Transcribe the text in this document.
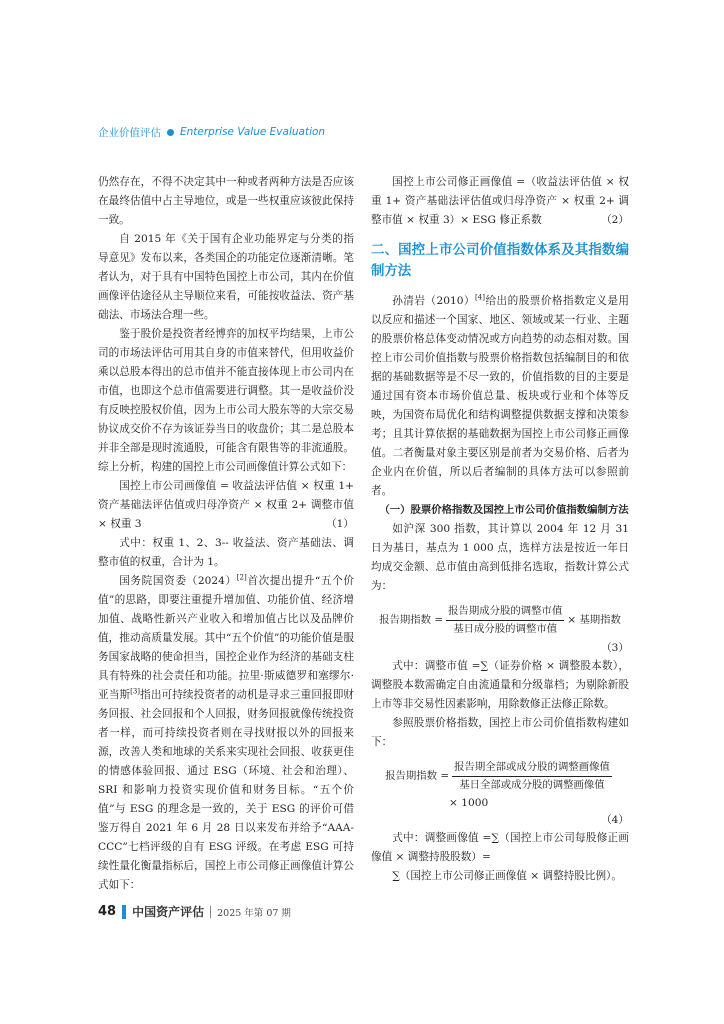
企业价值评估 Enterprise Value Evaluation

仍然存在，不得不决定其中一种或者两种方法是否应该在最终估值中占主导地位，或是一些权重应该彼此保持一致。

自 2015 年《关于国有企业功能界定与分类的指导意见》发布以来，各类国企的功能定位逐渐清晰。笔者认为，对于具有中国特色国控上市公司，其内在价值画像评估途径从主导顺位来看，可能按收益法、资产基础法、市场法合理一些。

鉴于股价是投资者经博弈的加权平均结果，上市公司的市场法评估可用其自身的市值来替代，但用收益价乘以总股本得出的总市值并不能直接体现上市公司内在市值，也即这个总市值需要进行调整。其一是收益价没有反映控股权价值，因为上市公司大股东等的大宗交易协议成交价不存为该证券当日的收盘价；其二是总股本并非全部是现时流通股，可能含有限售等的非流通股。综上分析，构建的国控上市公司画像值计算公式如下：

国控上市公司画像值 = 收益法评估值 × 权重 1+ 资产基础法评估值或归母净资产 × 权重 2+ 调整市值 × 权重 3	（1）

式中：权重 1、2、3-- 收益法、资产基础法、调整市值的权重，合计为 1。

国务院国资委（2024）[2]首次提出提升“五个价值”的思路，即要注重提升增加值、功能价值、经济增加值、战略性新兴产业收入和增加值占比以及品牌价值，推动高质量发展。其中“五个价值”的功能价值是服务国家战略的使命担当，国控企业作为经济的基础支柱具有特殊的社会责任和功能。拉里·斯威德罗和塞缪尔·亚当斯[3]指出可持续投资者的动机是寻求三重回报即财务回报、社会回报和个人回报，财务回报就像传统投资者一样，而可持续投资者则在寻找财报以外的回报来源，改善人类和地球的关系来实现社会回报、收获更佳的情感体验回报、通过 ESG（环境、社会和治理）、SRI 和影响力投资实现价值和财务目标。“五个价值”与 ESG 的理念是一致的，关于 ESG 的评价可借鉴万得自 2021 年 6 月 28 日以来发布并给予“AAA-CCC”七档评级的自有 ESG 评级。在考虑 ESG 可持续性量化衡量指标后，国控上市公司修正画像值计算公式如下：

国控上市公司修正画像值 =（收益法评估值 × 权重 1+ 资产基础法评估值或归母净资产 × 权重 2+ 调整市值 × 权重 3）× ESG 修正系数	（2）

二、国控上市公司价值指数体系及其指数编制方法

孙清岩（2010）[4]给出的股票价格指数定义是用以反应和描述一个国家、地区、领域或某一行业、主题的股票价格总体变动情况或方向趋势的动态相对数。国控上市公司价值指数与股票价格指数包括编制目的和依据的基础数据等是不尽一致的，价值指数的目的主要是通过国有资本市场价值总量、板块或行业和个体等反映，为国资布局优化和结构调整提供数据支撑和决策参考；且其计算依据的基础数据为国控上市公司修正画像值。二者衡量对象主要区别是前者为交易价格、后者为企业内在价值，所以后者编制的具体方法可以参照前者。

（一）股票价格指数及国控上市公司价值指数编制方法

如沪深 300 指数，其计算以 2004 年 12 月 31 日为基日，基点为 1 000 点，选样方法是按近一年日均成交金额、总市值由高到低排名选取，指数计算公式为：

报告期指数 = $\frac{\text{报告期成分股的调整市值}}{\text{基日成分股的调整市值}}$ × 基期指数
（3）

式中：调整市值 =∑（证券价格 × 调整股本数），调整股本数需确定自由流通量和分级靠档；为剔除新股上市等非交易性因素影响，用除数修正法修正除数。

参照股票价格指数，国控上市公司价值指数构建如下：

报告期指数 = $\frac{\text{报告期全部或成分股的调整画像值}}{\text{基日全部或成分股的调整画像值}}$
× 1000
（4）

式中：调整画像值 =∑（国控上市公司每股修正画像值 × 调整持股股数）=

∑（国控上市公司修正画像值 × 调整持股比例）。

48 中国资产评估 2025 年第 07 期
